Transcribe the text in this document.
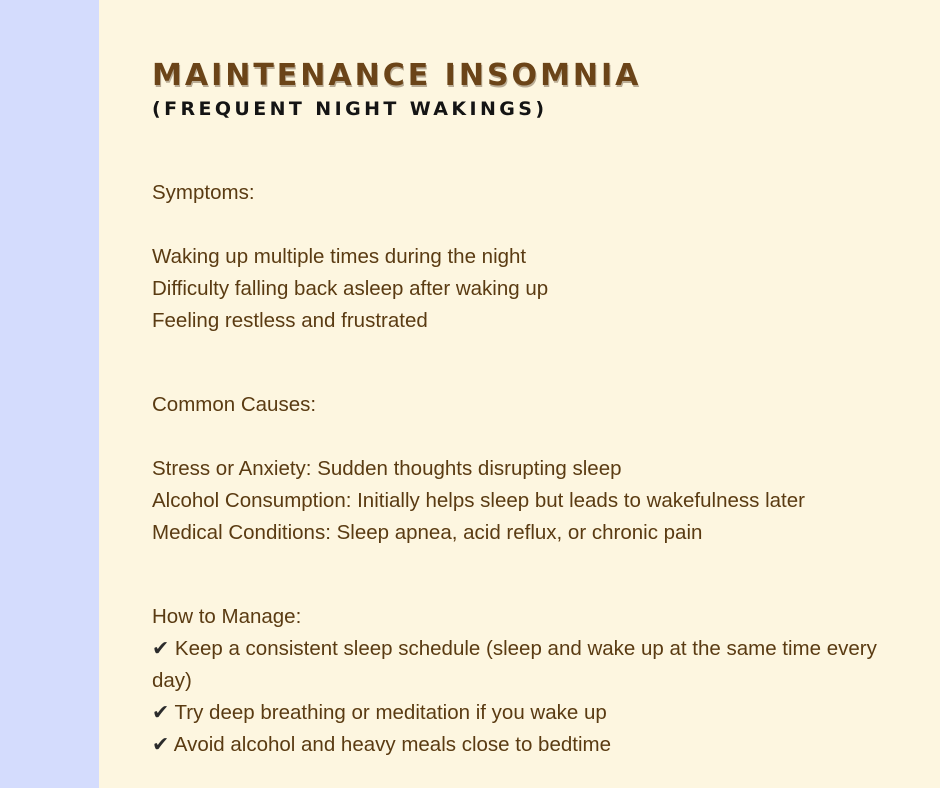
MAINTENANCE INSOMNIA
(FREQUENT NIGHT WAKINGS)
Symptoms:
Waking up multiple times during the night
Difficulty falling back asleep after waking up
Feeling restless and frustrated
Common Causes:
Stress or Anxiety: Sudden thoughts disrupting sleep
Alcohol Consumption: Initially helps sleep but leads to wakefulness later
Medical Conditions: Sleep apnea, acid reflux, or chronic pain
How to Manage:
✔ Keep a consistent sleep schedule (sleep and wake up at the same time every day)
✔ Try deep breathing or meditation if you wake up
✔ Avoid alcohol and heavy meals close to bedtime
